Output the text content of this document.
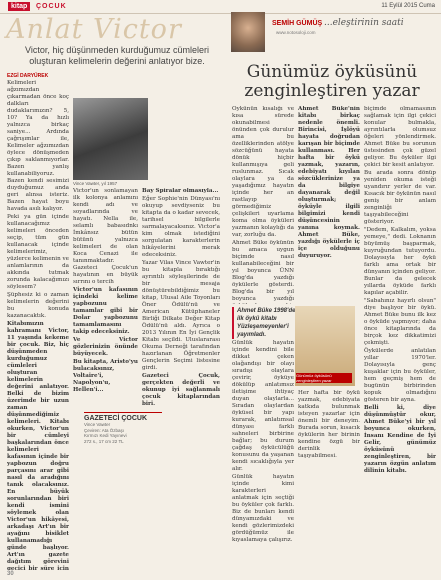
kitap	ÇOCUK	11 Eylül 2015 Cuma
Anlat Victor
Victor, hiç düşünmeden kurduğumuz cümleleri oluşturan kelimelerin değerini anlatıyor bize.
EZGİ DARYÜREK

Kelimeleri ağzımızdan çıkarmadan önce koç dalkları dudaklarımızın? 5, 10? Ya da hızlı yalnızca birkaç saniye... Ardında çağrışımlar ile, Kelimeler ağzımızdan öylece dönüşmeden çıkıp saklanmıyorlar. Bazen yanlış kullanabiliyoruz. Bazen kendi sesimizi duyduğumuz anda geri alınsa isteriz. Bazen hayat boyu havada asılı kalıyor.

Peki ya gün içinde kullanacağımız kelimeleri önceden seçip, tüm gün kullanacak içinde kelimelerimiz, yüzlerce kelimenin ve anlamlarının da akkında tutmak zorunda kalacağımızı söylesem?

Şüphesiz ki o zaman kelimelerin değerini bu konuda kazanacaktık.

Kitabımızın kahramanı Victor, 11 yaşında kekeme bir çocuk. Biz, hiç düşünmeden kurduğumuz cümleleri oluşturan kelimelerin değerini anlatıyor. Belki de bizim üzerimde bir uzun zaman düşünmediğimiz kelimeleri. Kitabı okurken, Victor'un bir cümleyi başkalarından önce kelimeleri kafasının içinde bir yapbozun doğru parçasını arar gibi nasıl da aradığını tanık olacaksınız. En büyük sorunlarından biri kendi ismini söylemek olan Victor'un hikâyesi, arkadaşı Art'ın bir ayağını bisiklet kullanamadığı günde başlıyor. Art'ın gazete dağıtım görevini geçici bir süre için

Vince Vawter, yıl 1957

Victor'un sonlamayan ilk kolonya anlamını kendi adı ve soyadlarında ve hayatı. Nella ile, selamlı babasıdnkı İmkânsız bütün bütünü yalnızca kelimeleri de olan Koca Cenazi ile tanınmaktadır. Gazeteci Çocuk'un hayatının en büyük sırrını o tercih

Victor'un kafasının içindeki kelime yapbozunu tamamlar gibi bir Dolar yapbozunu tamamlamasını takip edeceksiniz.

Ve Victor gözlerinizin önünde büyüyecek.

Bu kitapta, Aristo'yu bulacaksınız, Voltaire'i, Napolyon'u, Hellen'i...

Bay Spiralar olmasıyla...

Eğer Sophie'nin Dünyası'nı okuyup sevdiyseniz bu kitapta da o kadar sevecek, tarihsel bilgilerle sarmalayacaksınız. Victor'a kim olmak istediğini sorgulatan karakterlerin hikâyelerini merak edeceksiniz.

Yazar Vilas Vince Vawter'in bu kitapla bıraktığı ayrıntılı söyleşilerinde de bir mesaja dönüştürebildiğimiz bu kitap, Ulusal Aile Toyonları Öner Ödülü'nü ve American Kütüphaneler Birliği Dilkate Değer Kitap Ödülü'nü aldı. Ayrıca o 2013 Yılının En İyi Gençlik Kitabı seçildi. Uluslararası Okuma Derneği tarafından hazırlanan Öğretmenler Gençlerin Seçimi listesine girdi.

Gazeteci Çocuk, gerçekten değerli ve okunup iyi sağlanmalı çocuk kitaplarından biri.

GAZETECİ ÇOCUK
Vince Vawter
Çeviren: Ata Özbaşı
Kırmızı Kedi Yayınevi
272 s., 17 cm 22 TL
30
SEMİH GÜMÜŞ
www.notosoloji.com
...eleştirinin saati
Günümüz öyküsünü zenginleştiren yazar

Öykünün kısalığı ve kısa sürede okunabilmesi önünden çok durulur ama bu özelliklerinden atölye sözcüğünü hayata dönük hiçbir kullanmışıya geli ruslunmaz. Sıcak olaylara ya da yaşadığımız hayatın içinde her an rastlayıp görmediğimiz çelişkileri uyarlama koma olma öyküleri yazmanın kolaylığı da var, zorluğu da.

Ahmet Büke öykünün bu amaca uygun biçimde nasıl kullanabileceğini bir yıl boyunca ÜNN Blog'da yazdığı öykülerle gösterdi. Blog'da bir yıl boyunca yazdığı

Ahmet Büke'nin kitabı birkaç nedenle önemli. Birincisi, İşlöyü hayata doğrudan karışan bir biçimde kullanması. Her hafta bir öykü yazmak, yazarın, edebiyatı kıyılan sözcüklerinize ya da bilgiye dayanarak değil oluşturmak; öyküyle ilgili bilgimizi kendi düşüncesinin yanına koymak. Ahmet Büke, yazdığı öykülerle iç içe olduğunu duyuruyor.

Ahmet Büke 1998'de ilk öykü kitabı Yüzleşemeyenler'i yayımladı.
Günümüz öyküsünü zenginleştiren yazar

Günlük hayatın içinde kendini bile dikkat çeken olağandışı bir olayı sıradışı olaylara çevirir, öyküye dökülüp anlatımsız iletişime ihtiyaç duyan olaylarla... Sıradan olaylardan öyküsel bir yapı kurarak, anlatımsal dünyası farklı sahneleri birbirine bağlar; bu durum çağdaş öykücülüğü konusunu da yaşanan kendi sıcaklığıyla yer alır.

Günlük hayatın içinde kimi karakterleri anlatmak için seçtiği bu öyküler çok farklı. Biz de bunları kendi dünyamızdaki ve kendi gözlerimizdeki gördüğümüz ile kıyaslamaya çalışırız.

Her hafta bir öykü yazmak, edebiyata katkıda bulunmak isteyen yazarlar için önemli bir deneyim. Burada sorun, kısacık öykülerin her birinin kendine özgü bir derinlik taşıyabilmesi.

biçimde olmamasının sağlamak için ilgi çekici konular bulmakla, ayrıntılarla olumsuz öğeleri yönlendirmek. Ahmet Büke bu sorunun üstesinden çok güzel geliyor. Bu öyküler ilgi çekici bir kesit anlatıyor.

Bu arada sonra dönüp yeniden okuma isteği uyandırır yerler de var. Kısacık bir öykünün nasıl geniş bir anlam zenginliği taşıyabileceğini gösteriyor.

"Dedem, Kalkalım, yoksa yemeye," dedi. Loknanın büyümüş başparmak, kuyruğundan tutuyordu. Dolayısıyla her öykü farklı ama ortak bir dünyanın içinden geliyor. Bunlar da gelecek yıllarda öyküde farklı kapılar açabilir.

"Sabahınız hayırlı olsun" diye başlıyor bir öykü. Ahmet Büke bunu ilk kez o öyküde yapmıyor; daha önce kitaplarında da birçok kez dikkatimizi çekmişti.

Öykülerde anlatılan yıllar 1970'ler. Dolayısıyla genç kuşaklar için bu öyküler, hem geçmiş hem de bugünün birbirinden kopuk olmadığını gösteren bir ayna.

Belli ki, diye düşünmüştür okur, Ahmet Büke'yi bir yıl boyunca okurken, İnsanı Kendine de İyi Gelir, günümüz öyküsünü zenginleştiren, bir yazarın özgün anlatım dilinin kitabı.
